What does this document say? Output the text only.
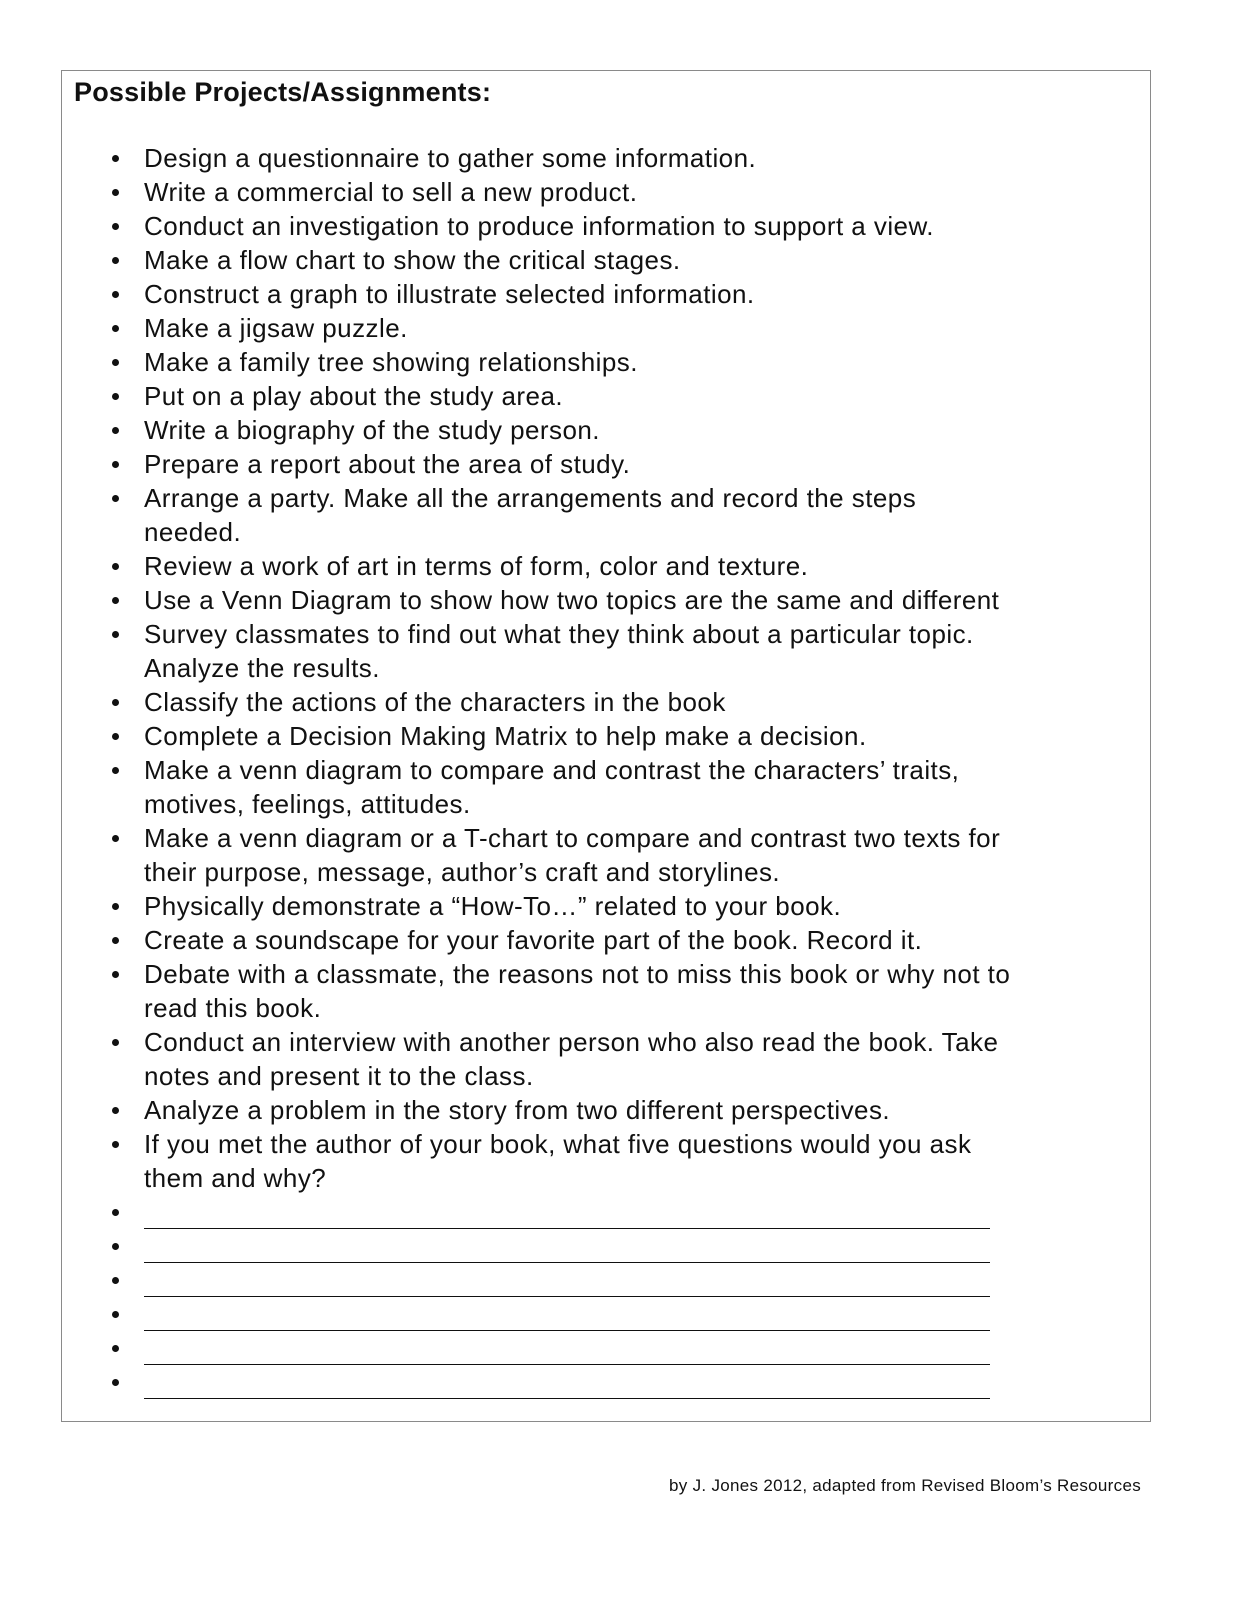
Possible Projects/Assignments:
Design a questionnaire to gather some information.
Write a commercial to sell a new product.
Conduct an investigation to produce information to support a view.
Make a flow chart to show the critical stages.
Construct a graph to illustrate selected information.
Make a jigsaw puzzle.
Make a family tree showing relationships.
Put on a play about the study area.
Write a biography of the study person.
Prepare a report about the area of study.
Arrange a party. Make all the arrangements and record the steps
needed.
Review a work of art in terms of form, color and texture.
Use a Venn Diagram to show how two topics are the same and different
Survey classmates to find out what they think about a particular topic.
Analyze the results.
Classify the actions of the characters in the book
Complete a Decision Making Matrix to help make a decision.
Make a venn diagram to compare and contrast the characters’ traits,
motives, feelings, attitudes.
Make a venn diagram or a T-chart to compare and contrast two texts for
their purpose, message, author’s craft and storylines.
Physically demonstrate a “How-To…” related to your book.
Create a soundscape for your favorite part of the book. Record it.
Debate with a classmate, the reasons not to miss this book or why not to
read this book.
Conduct an interview with another person who also read the book. Take
notes and present it to the class.
Analyze a problem in the story from two different perspectives.
If you met the author of your book, what five questions would you ask
them and why?
by J. Jones 2012, adapted from Revised Bloom’s Resources
